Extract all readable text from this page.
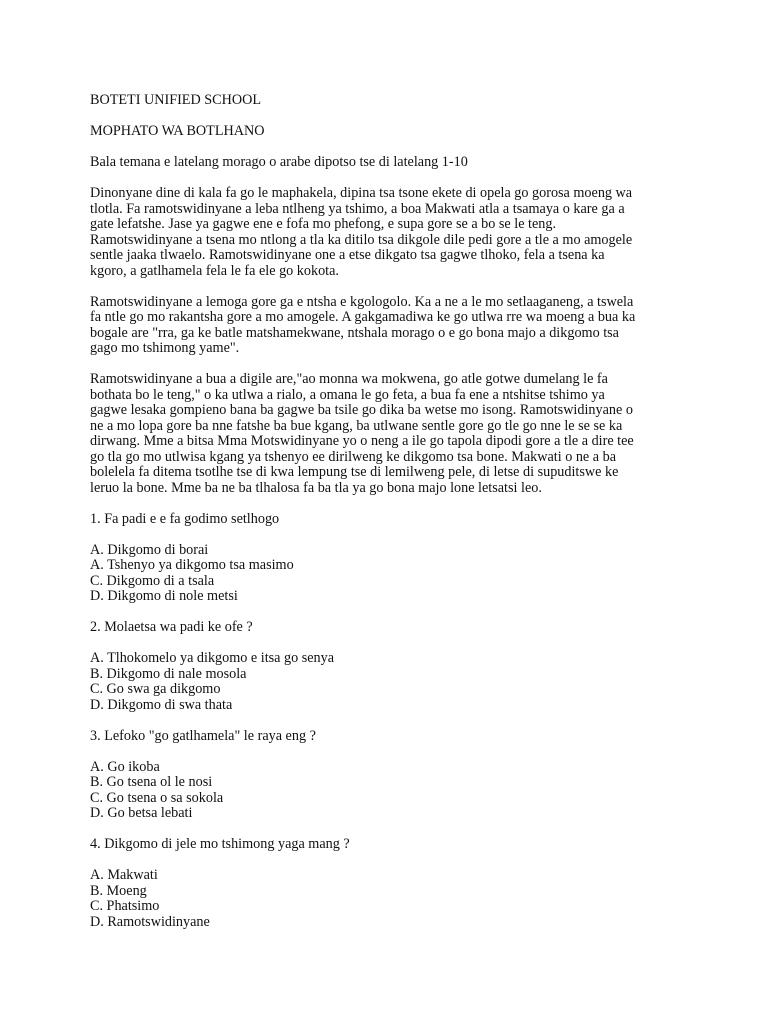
BOTETI UNIFIED SCHOOL
MOPHATO WA BOTLHANO
Bala temana e latelang morago o arabe dipotso tse di latelang 1-10
Dinonyane dine di kala fa go le maphakela, dipina tsa tsone ekete di opela go gorosa moeng wa
tlotla. Fa ramotswidinyane a leba ntlheng ya tshimo, a boa Makwati atla a tsamaya o kare ga a
gate lefatshe. Jase ya gagwe ene e fofa mo phefong, e supa gore se a bo se le teng.
Ramotswidinyane a tsena mo ntlong a tla ka ditilo tsa dikgole dile pedi gore a tle a mo amogele
sentle jaaka tlwaelo. Ramotswidinyane one a etse dikgato tsa gagwe tlhoko, fela a tsena ka
kgoro, a gatlhamela fela le fa ele go kokota.
Ramotswidinyane a lemoga gore ga e ntsha e kgologolo. Ka a ne a le mo setlaaganeng, a tswela
fa ntle go mo rakantsha gore a mo amogele. A gakgamadiwa ke go utlwa rre wa moeng a bua ka
bogale are "rra, ga ke batle matshamekwane, ntshala morago o e go bona majo a dikgomo tsa
gago mo tshimong yame".
Ramotswidinyane a bua a digile are,"ao monna wa mokwena, go atle gotwe dumelang le fa
bothata bo le teng," o ka utlwa a rialo, a omana le go feta, a bua fa ene a ntshitse tshimo ya
gagwe lesaka gompieno bana ba gagwe ba tsile go dika ba wetse mo isong. Ramotswidinyane o
ne a mo lopa gore ba nne fatshe ba bue kgang, ba utlwane sentle gore go tle go nne le se se ka
dirwang. Mme a bitsa Mma Motswidinyane yo o neng a ile go tapola dipodi gore a tle a dire tee
go tla go mo utlwisa kgang ya tshenyo ee dirilweng ke dikgomo tsa bone. Makwati o ne a ba
bolelela fa ditema tsotlhe tse di kwa lempung tse di lemilweng pele, di letse di supuditswe ke
leruo la bone. Mme ba ne ba tlhalosa fa ba tla ya go bona majo lone letsatsi leo.
1. Fa padi e e fa godimo setlhogo
A. Dikgomo di borai
A. Tshenyo ya dikgomo tsa masimo
C. Dikgomo di a tsala
D. Dikgomo di nole metsi
2. Molaetsa wa padi ke ofe ?
A. Tlhokomelo ya dikgomo e itsa go senya
B. Dikgomo di nale mosola
C. Go swa ga dikgomo
D. Dikgomo di swa thata
3. Lefoko "go gatlhamela" le raya eng ?
A. Go ikoba
B. Go tsena ol le nosi
C. Go tsena o sa sokola
D. Go betsa lebati
4. Dikgomo di jele mo tshimong yaga mang ?
A. Makwati
B. Moeng
C. Phatsimo
D. Ramotswidinyane
